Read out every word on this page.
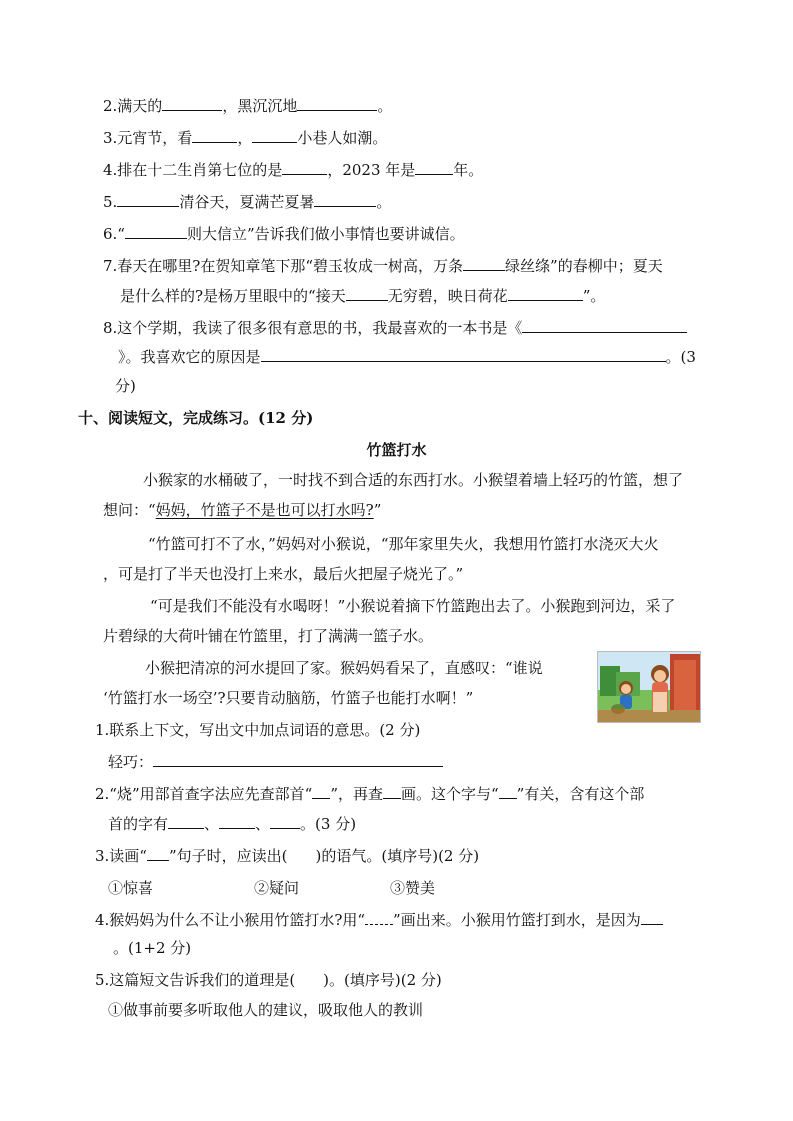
2.满天的	，黑沉沉地	。
3.元宵节，看	，	小巷人如潮。
4.排在十二生肖第七位的是	，2023 年是	年。
5.	清谷天，夏满芒夏暑	。
6.“	则大信立”告诉我们做小事情也要讲诚信。
7.春天在哪里?在贺知章笔下那“碧玉妆成一树高，万条	绿丝绦”的春柳中；夏天
是什么样的?是杨万里眼中的“接天	无穷碧，映日荷花	”。
8.这个学期，我读了很多很有意思的书，我最喜欢的一本书是《
》。我喜欢它的原因是	。(3
分)
十、阅读短文，完成练习。(12 分)
竹篮打水
小猴家的水桶破了，一时找不到合适的东西打水。小猴望着墙上轻巧的竹篮，想了
想问：“妈妈，竹篮子不是也可以打水吗?”
“竹篮可打不了水，”妈妈对小猴说，“那年家里失火，我想用竹篮打水浇灭大火
，可是打了半天也没打上来水，最后火把屋子烧光了。”
“可是我们不能没有水喝呀！”小猴说着摘下竹篮跑出去了。小猴跑到河边，采了
片碧绿的大荷叶铺在竹篮里，打了满满一篮子水。
小猴把清凉的河水提回了家。猴妈妈看呆了，直感叹：“谁说
‘竹篮打水一场空’?只要肯动脑筋，竹篮子也能打水啊！”
1.联系上下文，写出文中加点词语的意思。(2 分)
轻巧：
2.“烧”用部首查字法应先查部首“ ”，再查 画。这个字与“ ”有关，含有这个部
首的字有 、 、 。(3 分)
3.读画“ ”句子时，应读出( )的语气。(填序号)(2 分)
①惊喜	②疑问	③赞美
4.猴妈妈为什么不让小猴用竹篮打水?用“ ”画出来。小猴用竹篮打到水，是因为
。(1+2 分)
5.这篇短文告诉我们的道理是( )。(填序号)(2 分)
①做事前要多听取他人的建议，吸取他人的教训
